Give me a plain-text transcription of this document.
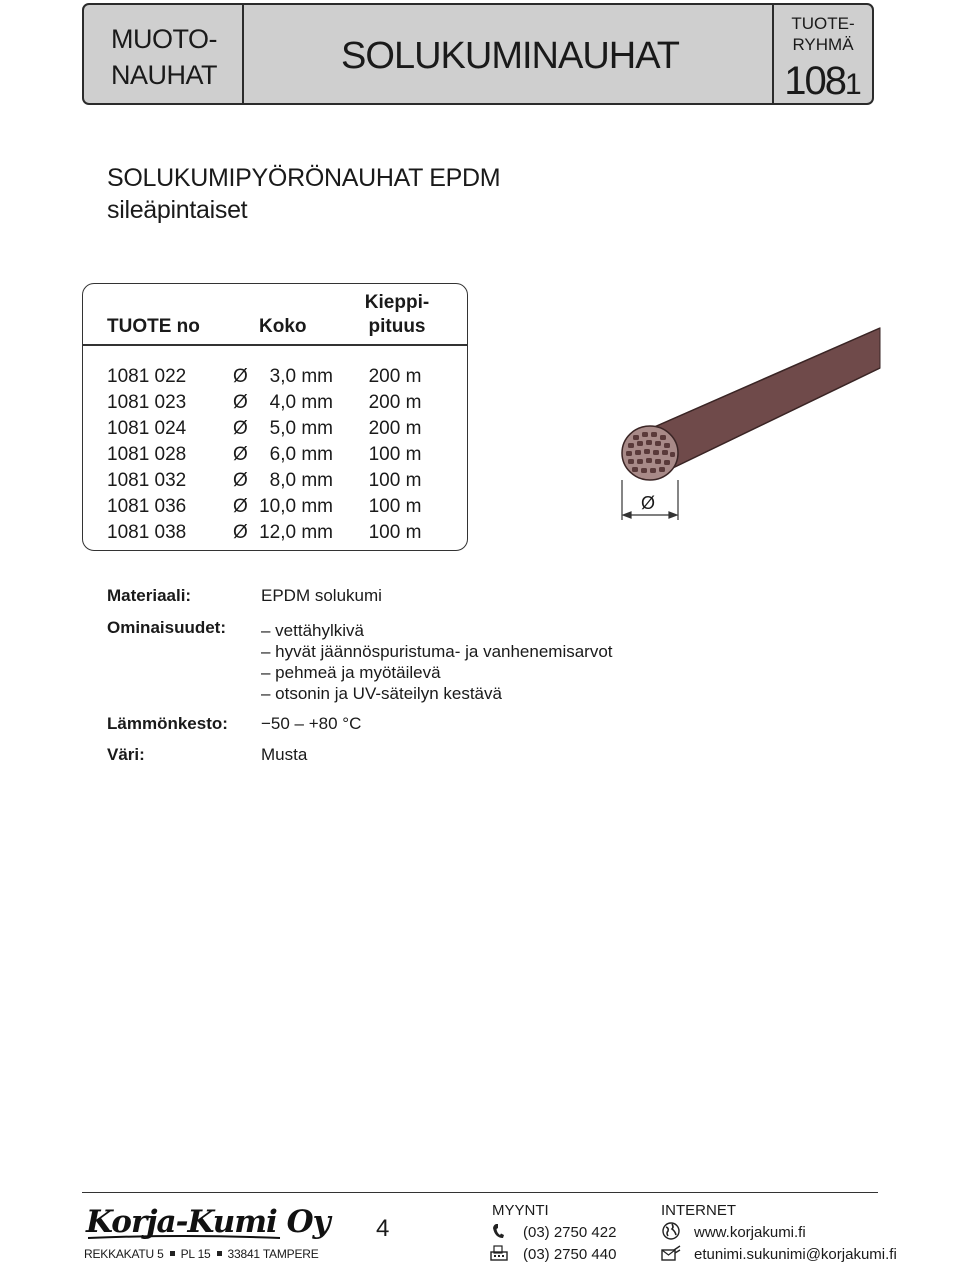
MUOTO-
NAUHAT	SOLUKUMINAUHAT
TUOTE-
RYHMÄ
1081
SOLUKUMIPYÖRÖNAUHAT EPDM
sileäpintaiset
TUOTE no	Koko
Kieppi-
pituus
1081 022 Ø	3,0 mm	200 m
1081 023 Ø	4,0 mm	200 m
1081 024 Ø	5,0 mm	200 m
1081 028 Ø	6,0 mm	100 m
1081 032 Ø	8,0 mm	100 m
1081 036 Ø 10,0 mm	100 m
1081 038 Ø 12,0 mm	100 m
Ø
Materiaali:	EPDM solukumi
Ominaisuudet: – vettähylkivä
– hyvät jäännöspuristuma- ja vanhenemisarvot
– pehmeä ja myötäilevä
– otsonin ja UV-säteilyn kestävä
Lämmönkesto: −50 – +80 °C
Väri:	Musta
Korja-Kumi Oy
REKKAKATU 5 PL 15 33841 TAMPERE
4
MYYNTI	INTERNET
(03) 2750 422
(03) 2750 440
www.korjakumi.fi
etunimi.sukunimi@korjakumi.fi
